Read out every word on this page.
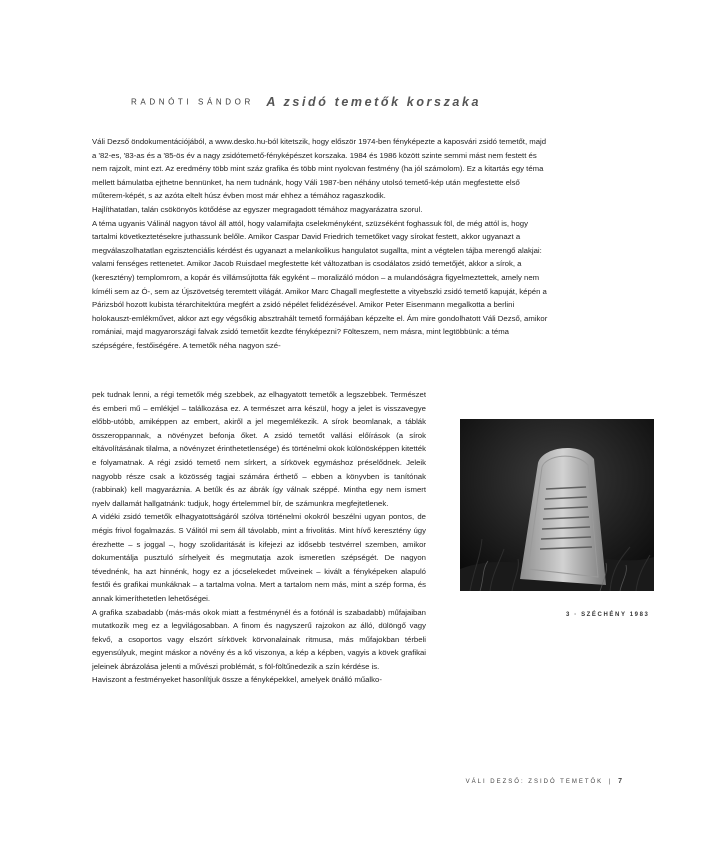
RADNÓTI SÁNDOR A zsidó temetők korszaka

Váli Dezső öndokumentációjából, a www.desko.hu-ból kitetszik, hogy először 1974-ben fényképezte a kaposvári zsidó temetőt, majd a '82-es, '83-as és a '85-ös év a nagy zsidótemető-fényképészet korszaka. 1984 és 1986 között szinte semmi mást nem festett és nem rajzolt, mint ezt. Az eredmény több mint száz grafika és több mint nyolcvan festmény (ha jól számolom). Ez a kitartás egy téma mellett bámulatba ejthetne bennünket, ha nem tudnánk, hogy Váli 1987-ben néhány utolsó temető-kép után megfestette első műterem-képét, s az azóta eltelt húsz évben most már ehhez a témához ragaszkodik.

Hajlíthatatlan, talán csökönyös kötődése az egyszer megragadott témához magyarázatra szorul.

A téma ugyanis Válinál nagyon távol áll attól, hogy valamifajta cselekményként, szüzséként foghassuk föl, de még attól is, hogy tartalmi következtetésekre juthassunk belőle. Amikor Caspar David Friedrich temetőket vagy sírokat festett, akkor ugyanazt a megválaszolhatatlan egzisztenciális kérdést és ugyanazt a melankolikus hangulatot sugallta, mint a végtelen tájba merengő alakjai: valami fenséges rettenetet. Amikor Jacob Ruisdael megfestette két változatban is csodálatos zsidó temetőjét, akkor a sírok, a (keresztény) templomrom, a kopár és villámsújtotta fák egyként – moralizáló módon – a mulandóságra figyelmeztettek, amely nem kíméli sem az Ó-, sem az Újszövetség teremtett világát. Amikor Marc Chagall megfestette a vityebszki zsidó temető kapuját, képén a Párizsból hozott kubista térarchitektúra megfért a zsidó népélet felidézésével. Amikor Peter Eisenmann megalkotta a berlini holokauszt-emlékművet, akkor azt egy végsőkig absztrahált temető formájában képzelte el. Ám mire gondolhatott Váli Dezső, amikor romániai, majd magyarországi falvak zsidó temetőit kezdte fényképezni? Fölteszem, nem másra, mint legtöbbünk: a téma szépségére, festőiségére. A temetők néha nagyon szé-

pek tudnak lenni, a régi temetők még szebbek, az elhagyatott temetők a legszebbek. Természet és emberi mű – emlékjel – találkozása ez. A természet arra készül, hogy a jelet is visszavegye előbb-utóbb, amiképpen az embert, akiről a jel megemlékezik. A sírok beomlanak, a táblák összeroppannak, a növényzet befonja őket. A zsidó temetőt vallási előírások (a sírok eltávolításának tilalma, a növényzet érinthetetlensége) és történelmi okok különösképpen kitették e folyamatnak. A régi zsidó temető nem sírkert, a sírkövek egymáshoz préselődnek. Jeleik nagyobb része csak a közösség tagjai számára érthető – ebben a könyvben is tanítónak (rabbinak) kell magyaráznia. A betűk és az ábrák így válnak széppé. Mintha egy nem ismert nyelv dallamát hallgatnánk: tudjuk, hogy értelemmel bír, de számunkra megfejtetlenek.

A vidéki zsidó temetők elhagyatottságáról szólva történelmi okokról beszélni ugyan pontos, de mégis frivol fogalmazás. S Válitól mi sem áll távolabb, mint a frivolitás. Mint hívő keresztény úgy érezhette – s joggal –, hogy szolidaritását is kifejezi az idősebb testvérrel szemben, amikor dokumentálja pusztuló sírhelyeit és megmutatja azok ismeretlen szépségét. De nagyon tévednénk, ha azt hinnénk, hogy ez a jócselekedet műveinek – kivált a fényképeken alapuló festői és grafikai munkáknak – a tartalma volna. Mert a tartalom nem más, mint a szép forma, és annak kimeríthetetlen lehetőségei.

A grafika szabadabb (más-más okok miatt a festménynél és a fotónál is szabadabb) műfajaiban mutatkozik meg ez a legvilágosabban. A finom és nagyszerű rajzokon az álló, dülöngő vagy fekvő, a csoportos vagy elszórt sírkövek körvonalainak ritmusa, más műfajokban térbeli egyensúlyuk, megint máskor a növény és a kő viszonya, a kép a képben, vagyis a kövek grafikai jeleinek ábrázolása jelenti a művészi problémát, s föl-föltűnedezik a szín kérdése is.

Haviszont a festményeket hasonlítjuk össze a fényképekkel, amelyek önálló műalko-

3 · SZÉCHÉNY 1983
VÁLI DEZSŐ: ZSIDÓ TEMETŐK | 7
